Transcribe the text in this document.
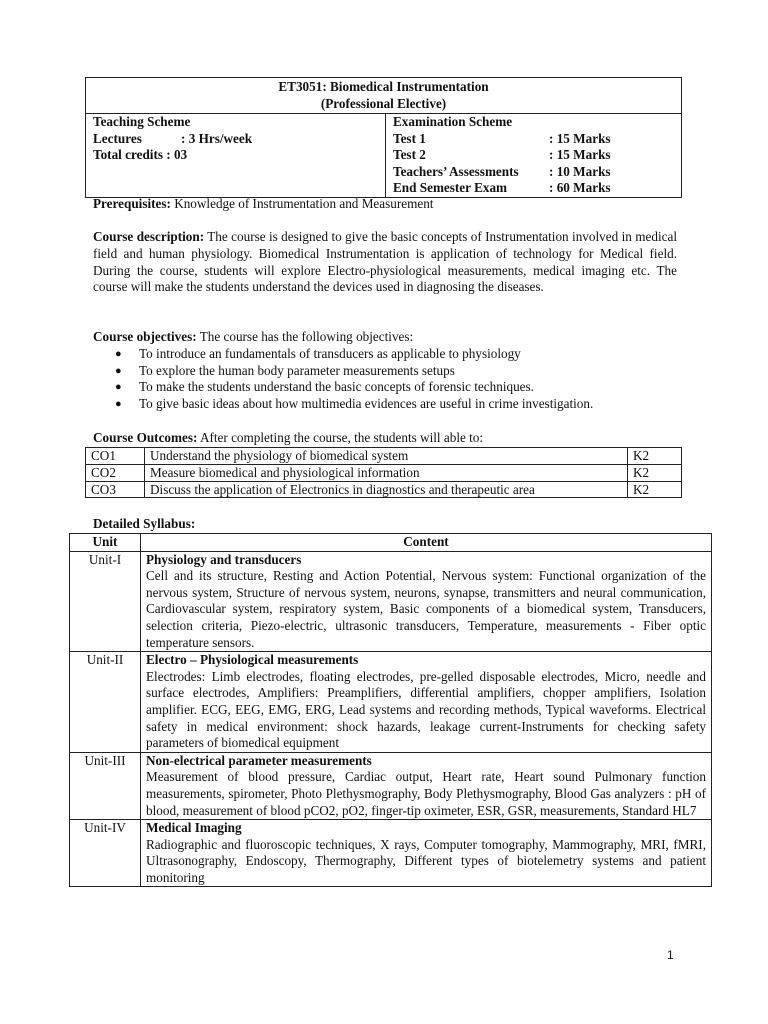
ET3051: Biomedical Instrumentation
(Professional Elective)

Teaching Scheme
Lectures	: 3 Hrs/week
Total credits : 03

Examination Scheme
Test 1	: 15 Marks
Test 2	: 15 Marks
Teachers’ Assessments	: 10 Marks
End Semester Exam	: 60 Marks
Prerequisites: Knowledge of Instrumentation and Measurement
Course description: The course is designed to give the basic concepts of Instrumentation involved in medical field and human physiology. Biomedical Instrumentation is application of technology for Medical field. During the course, students will explore Electro-physiological measurements, medical imaging etc. The course will make the students understand the devices used in diagnosing the diseases.
Course objectives: The course has the following objectives:
● To introduce an fundamentals of transducers as applicable to physiology
● To explore the human body parameter measurements setups
● To make the students understand the basic concepts of forensic techniques.
● To give basic ideas about how multimedia evidences are useful in crime investigation.
Course Outcomes: After completing the course, the students will able to:
CO1	Understand the physiology of biomedical system	K2
CO2	Measure biomedical and physiological information	K2
CO3	Discuss the application of Electronics in diagnostics and therapeutic area	K2
Detailed Syllabus:
Unit	Content
Unit-I	Physiology and transducers
Cell and its structure, Resting and Action Potential, Nervous system: Functional organization of the nervous system, Structure of nervous system, neurons, synapse, transmitters and neural communication, Cardiovascular system, respiratory system, Basic components of a biomedical system, Transducers, selection criteria, Piezo-electric, ultrasonic transducers, Temperature, measurements - Fiber optic temperature sensors.

Unit-II	Electro – Physiological measurements
Electrodes: Limb electrodes, floating electrodes, pre-gelled disposable electrodes, Micro, needle and surface electrodes, Amplifiers: Preamplifiers, differential amplifiers, chopper amplifiers, Isolation amplifier. ECG, EEG, EMG, ERG, Lead systems and recording methods, Typical waveforms. Electrical safety in medical environment: shock hazards, leakage current-Instruments for checking safety parameters of biomedical equipment

Unit-III	Non-electrical parameter measurements
Measurement of blood pressure, Cardiac output, Heart rate, Heart sound Pulmonary function measurements, spirometer, Photo Plethysmography, Body Plethysmography, Blood Gas analyzers : pH of blood, measurement of blood pCO2, pO2, finger-tip oximeter, ESR, GSR, measurements, Standard HL7

Unit-IV	Medical Imaging
Radiographic and fluoroscopic techniques, X rays, Computer tomography, Mammography, MRI, fMRI, Ultrasonography, Endoscopy, Thermography, Different types of biotelemetry systems and patient monitoring
1
